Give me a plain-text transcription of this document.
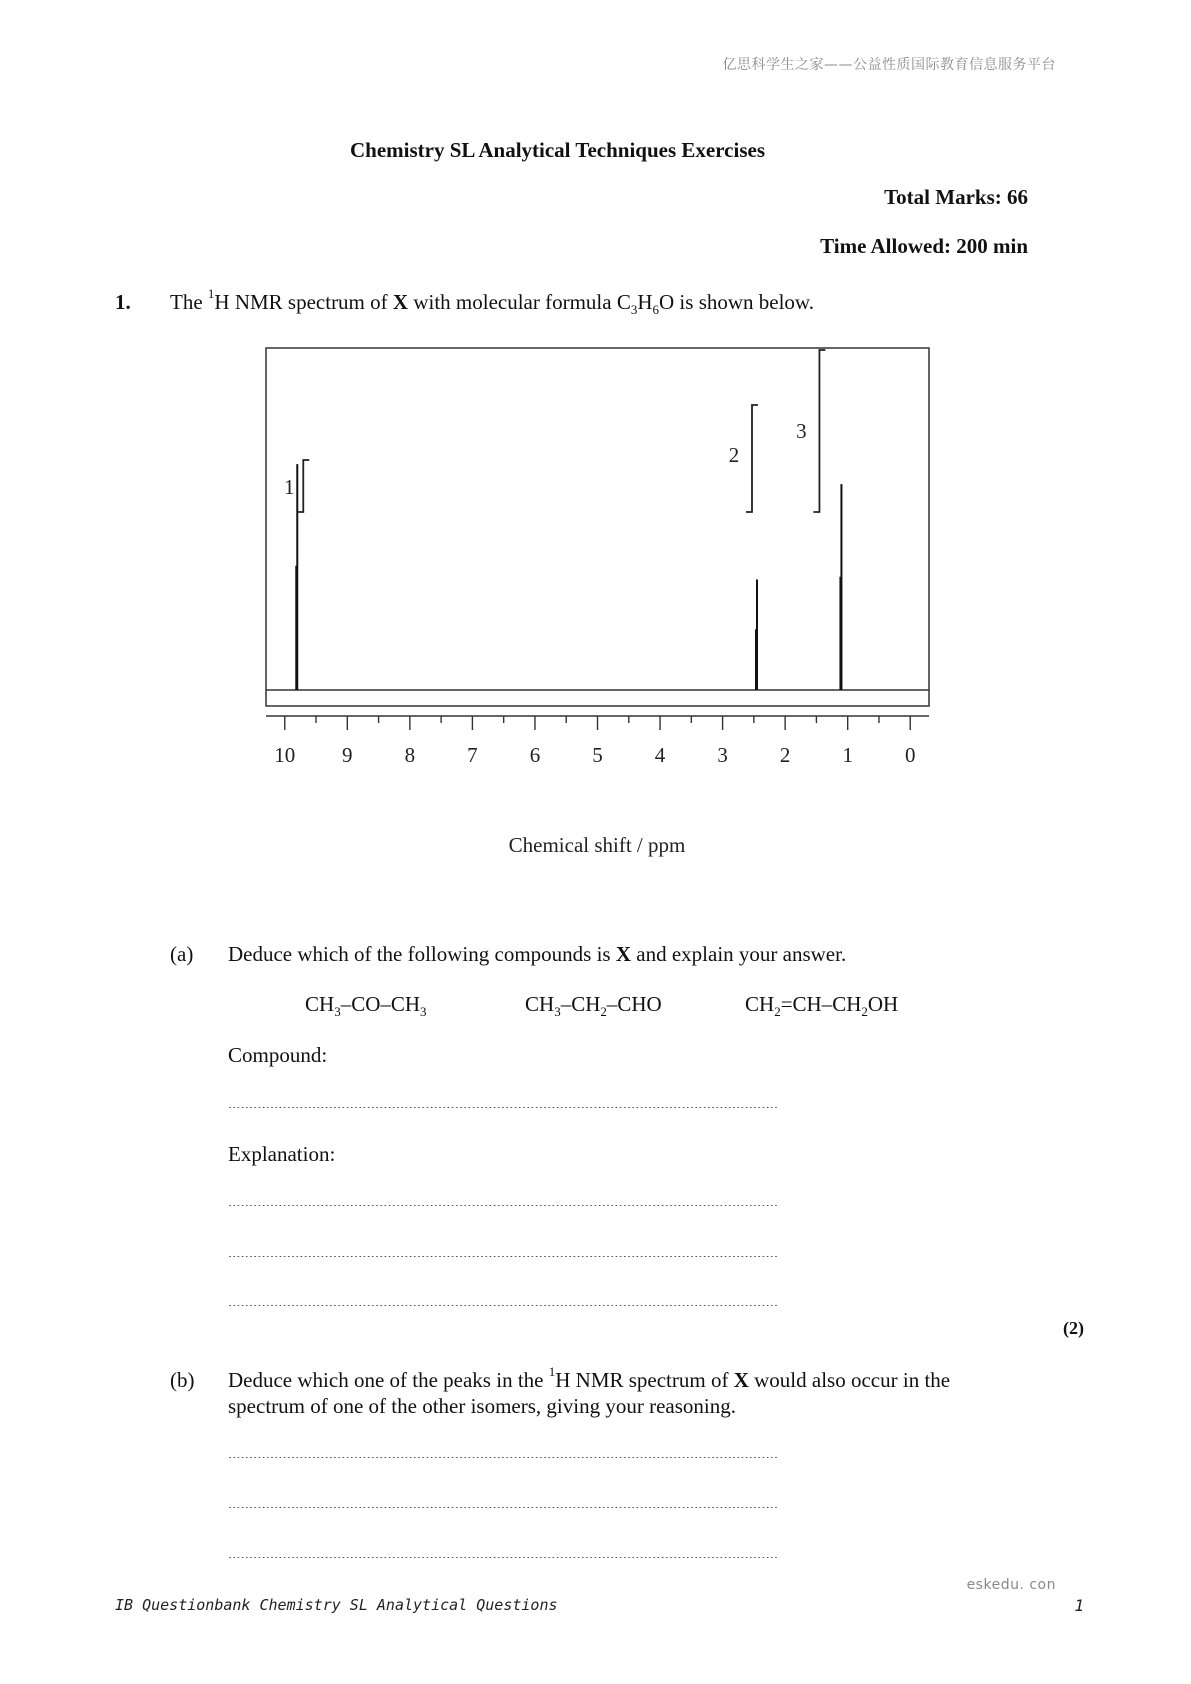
亿思科学生之家——公益性质国际教育信息服务平台
Chemistry SL Analytical Techniques Exercises
Total Marks: 66
Time Allowed: 200 min
1. The $^1$H NMR spectrum of X with molecular formula $C_3H_6O$ is shown below.
10 9 8 7 6 5 4 3 2 1 0
1
2
3
Chemical shift / ppm
(a) Deduce which of the following compounds is X and explain your answer.
$CH_3-CO-CH_3$	$CH_3-CH_2$–CHO	$CH_2=CH-CH_2OH$
Compound:
...................................................................................................................................
Explanation:
...................................................................................................................................
...................................................................................................................................
...................................................................................................................................
(2)
(b) Deduce which one of the peaks in the $^1$H NMR spectrum of X would also occur in the
spectrum of one of the other isomers, giving your reasoning.
...................................................................................................................................
...................................................................................................................................
...................................................................................................................................
eskedu. con
IB Questionbank Chemistry SL Analytical Questions	1
